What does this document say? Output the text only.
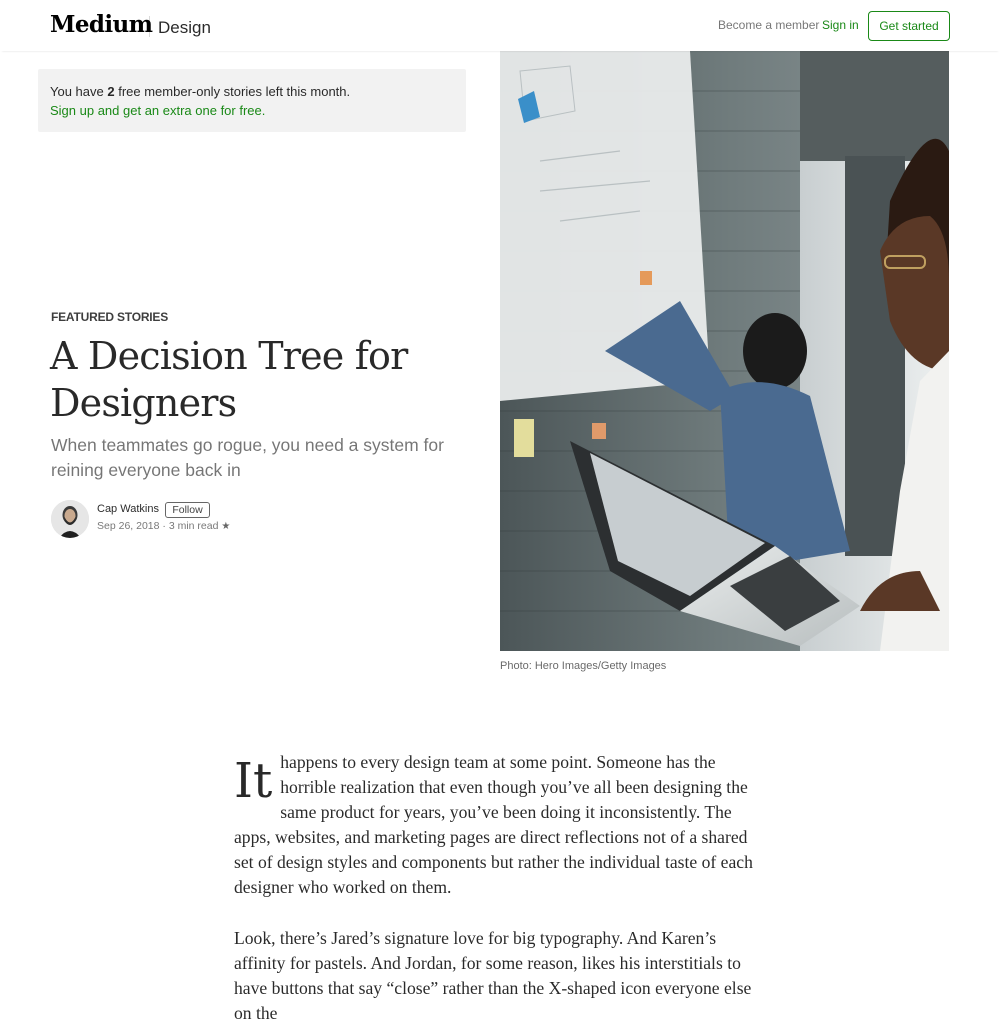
Medium Design	Become a member Sign in	Get started
You have 2 free member-only stories left this month.
Sign up and get an extra one for free.
FEATURED STORIES
A Decision Tree for Designers
When teammates go rogue, you need a system for reining everyone back in
Cap Watkins	Follow
Sep 26, 2018 · 3 min read ★
Photo: Hero Images/Getty Images
It happens to every design team at some point. Someone has the horrible realization that even though you’ve all been designing the same product for years, you’ve been doing it inconsistently. The apps, websites, and marketing pages are direct reflections not of a shared set of design styles and components but rather the individual taste of each designer who worked on them.
Look, there’s Jared’s signature love for big typography. And Karen’s affinity for pastels. And Jordan, for some reason, likes his interstitials to have buttons that say “close” rather than the X-shaped icon everyone else on the
